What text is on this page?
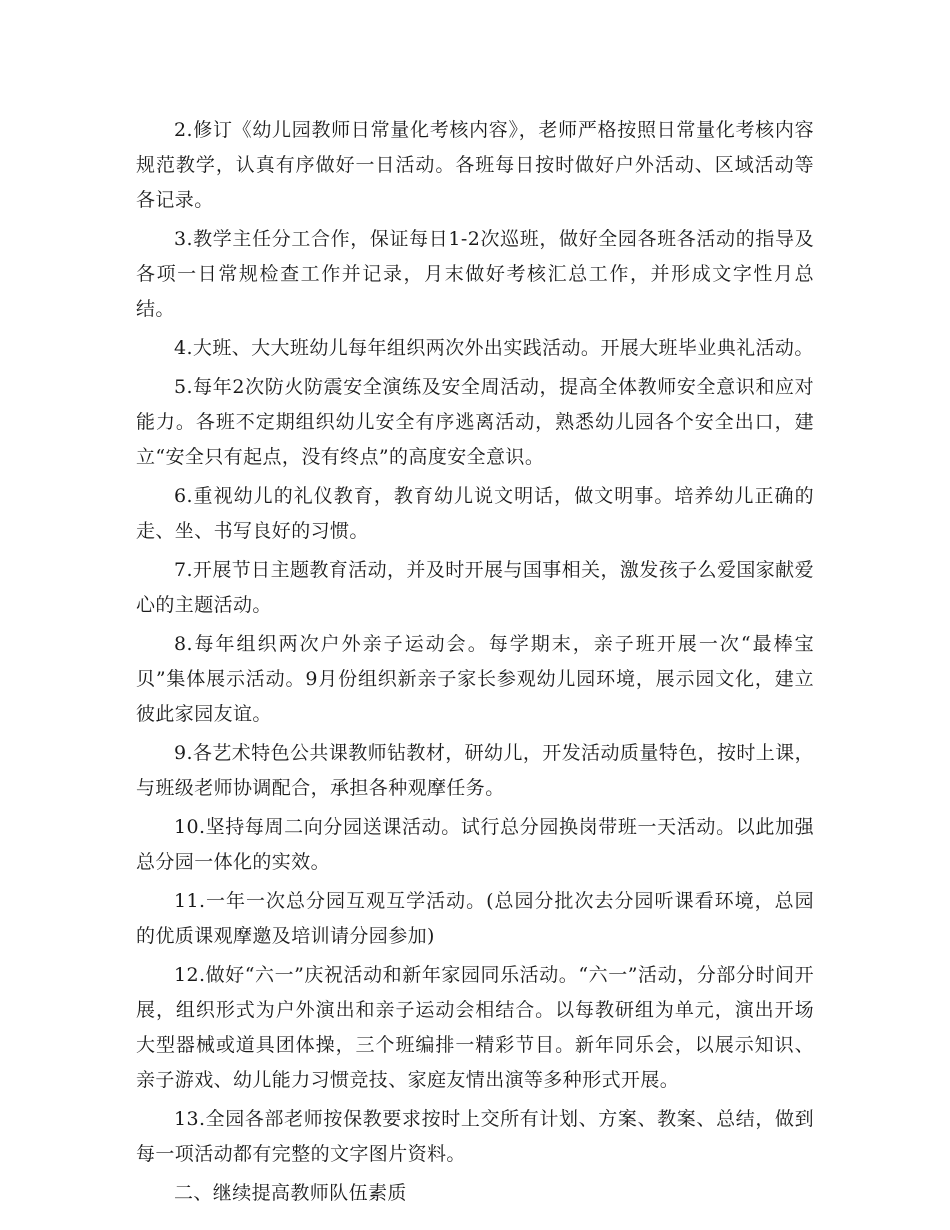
2.修订《幼儿园教师日常量化考核内容》，老师严格按照日常量化考核内容规范教学，认真有序做好一日活动。各班每日按时做好户外活动、区域活动等各记录。

3.教学主任分工合作，保证每日1-2次巡班，做好全园各班各活动的指导及各项一日常规检查工作并记录，月末做好考核汇总工作，并形成文字性月总结。

4.大班、大大班幼儿每年组织两次外出实践活动。开展大班毕业典礼活动。

5.每年2次防火防震安全演练及安全周活动，提高全体教师安全意识和应对能力。各班不定期组织幼儿安全有序逃离活动，熟悉幼儿园各个安全出口，建立“安全只有起点，没有终点”的高度安全意识。

6.重视幼儿的礼仪教育，教育幼儿说文明话，做文明事。培养幼儿正确的走、坐、书写良好的习惯。

7.开展节日主题教育活动，并及时开展与国事相关，激发孩子么爱国家献爱心的主题活动。

8.每年组织两次户外亲子运动会。每学期末，亲子班开展一次“最棒宝贝”集体展示活动。9月份组织新亲子家长参观幼儿园环境，展示园文化，建立彼此家园友谊。

9.各艺术特色公共课教师钻教材，研幼儿，开发活动质量特色，按时上课，与班级老师协调配合，承担各种观摩任务。

10.坚持每周二向分园送课活动。试行总分园换岗带班一天活动。以此加强总分园一体化的实效。

11.一年一次总分园互观互学活动。(总园分批次去分园听课看环境，总园的优质课观摩邀及培训请分园参加)

12.做好“六一”庆祝活动和新年家园同乐活动。“六一”活动，分部分时间开展，组织形式为户外演出和亲子运动会相结合。以每教研组为单元，演出开场大型器械或道具团体操，三个班编排一精彩节目。新年同乐会，以展示知识、亲子游戏、幼儿能力习惯竞技、家庭友情出演等多种形式开展。

13.全园各部老师按保教要求按时上交所有计划、方案、教案、总结，做到每一项活动都有完整的文字图片资料。

二、继续提高教师队伍素质
